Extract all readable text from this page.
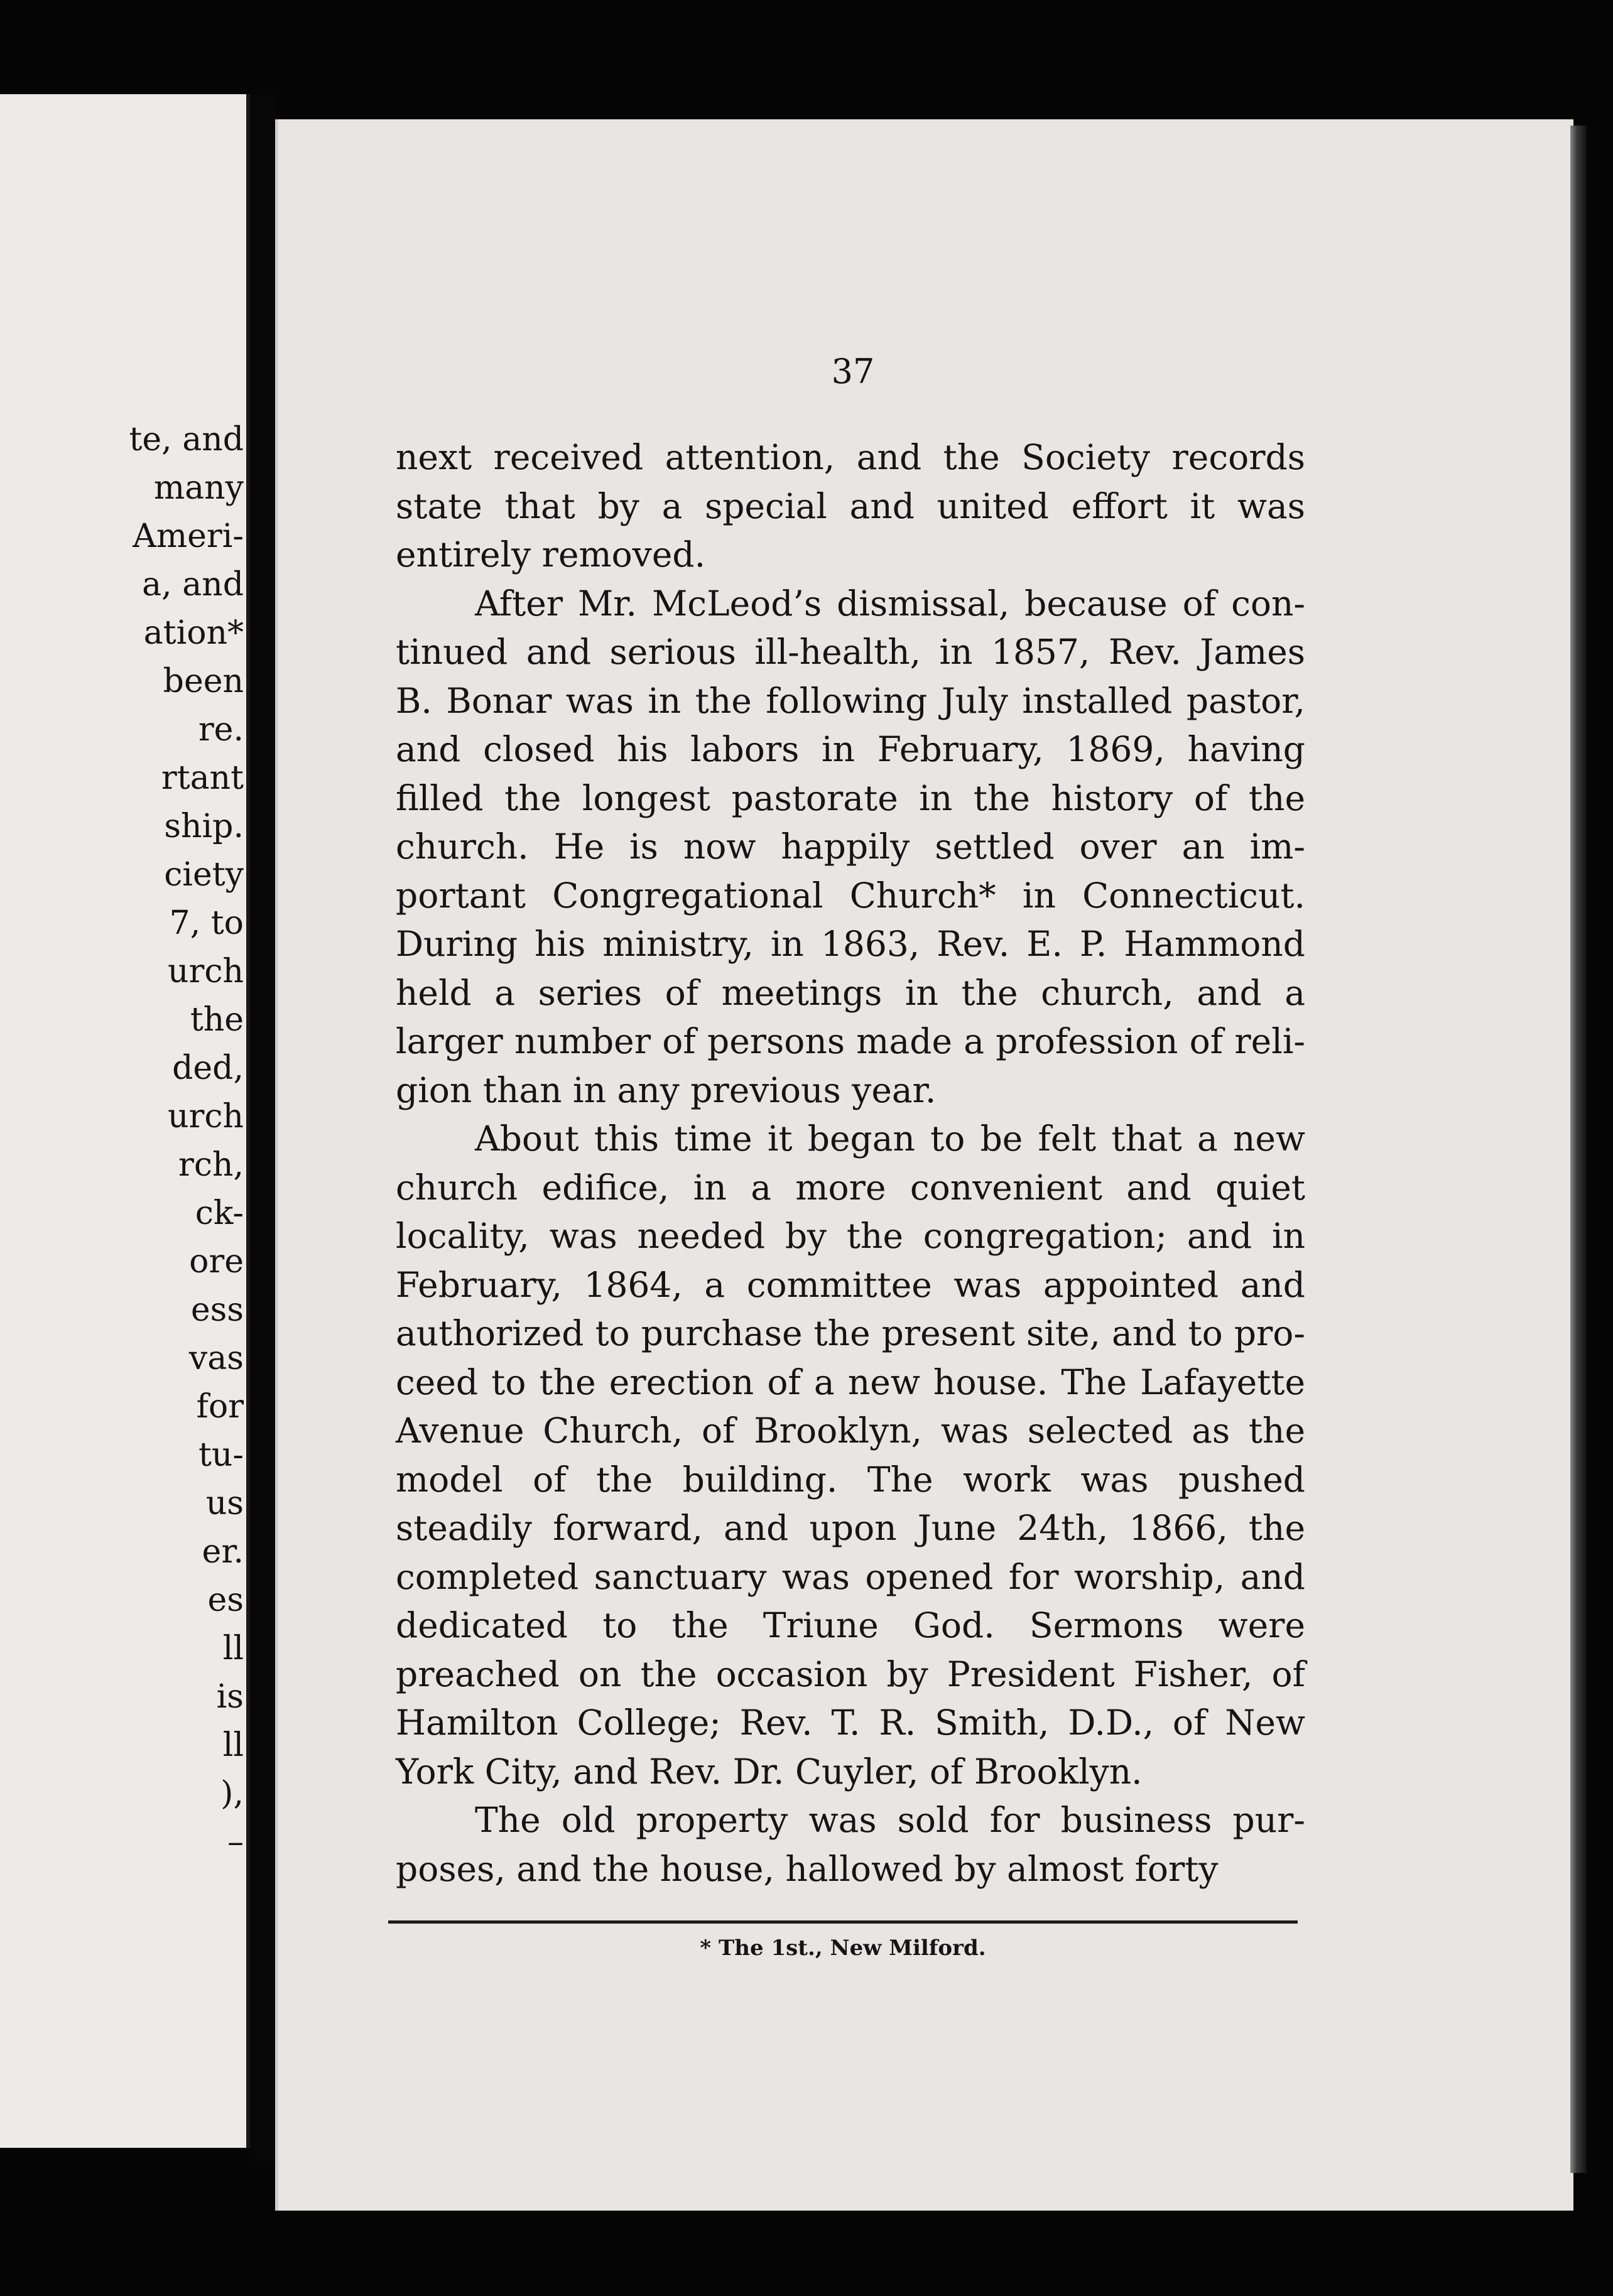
te, and
many
Ameri-
a, and
ation*
been
re.
rtant
ship.
ciety
7, to
urch
the
ded,
urch
rch,
ck-
ore
ess
vas
for
tu-
us
er.
es
ll
is
ll
),
–
37
next received attention, and the Society records
state that by a special and united effort it was
entirely removed.
After Mr. McLeod’s dismissal, because of con-
tinued and serious ill-health, in 1857, Rev. James
B. Bonar was in the following July installed pastor,
and closed his labors in February, 1869, having
filled the longest pastorate in the history of the
church. He is now happily settled over an im-
portant Congregational Church* in Connecticut.
During his ministry, in 1863, Rev. E. P. Hammond
held a series of meetings in the church, and a
larger number of persons made a profession of reli-
gion than in any previous year.
About this time it began to be felt that a new
church edifice, in a more convenient and quiet
locality, was needed by the congregation; and in
February, 1864, a committee was appointed and
authorized to purchase the present site, and to pro-
ceed to the erection of a new house. The Lafayette
Avenue Church, of Brooklyn, was selected as the
model of the building. The work was pushed
steadily forward, and upon June 24th, 1866, the
completed sanctuary was opened for worship, and
dedicated to the Triune God. Sermons were
preached on the occasion by President Fisher, of
Hamilton College; Rev. T. R. Smith, D.D., of New
York City, and Rev. Dr. Cuyler, of Brooklyn.
The old property was sold for business pur-
poses, and the house, hallowed by almost forty
* The 1st., New Milford.
